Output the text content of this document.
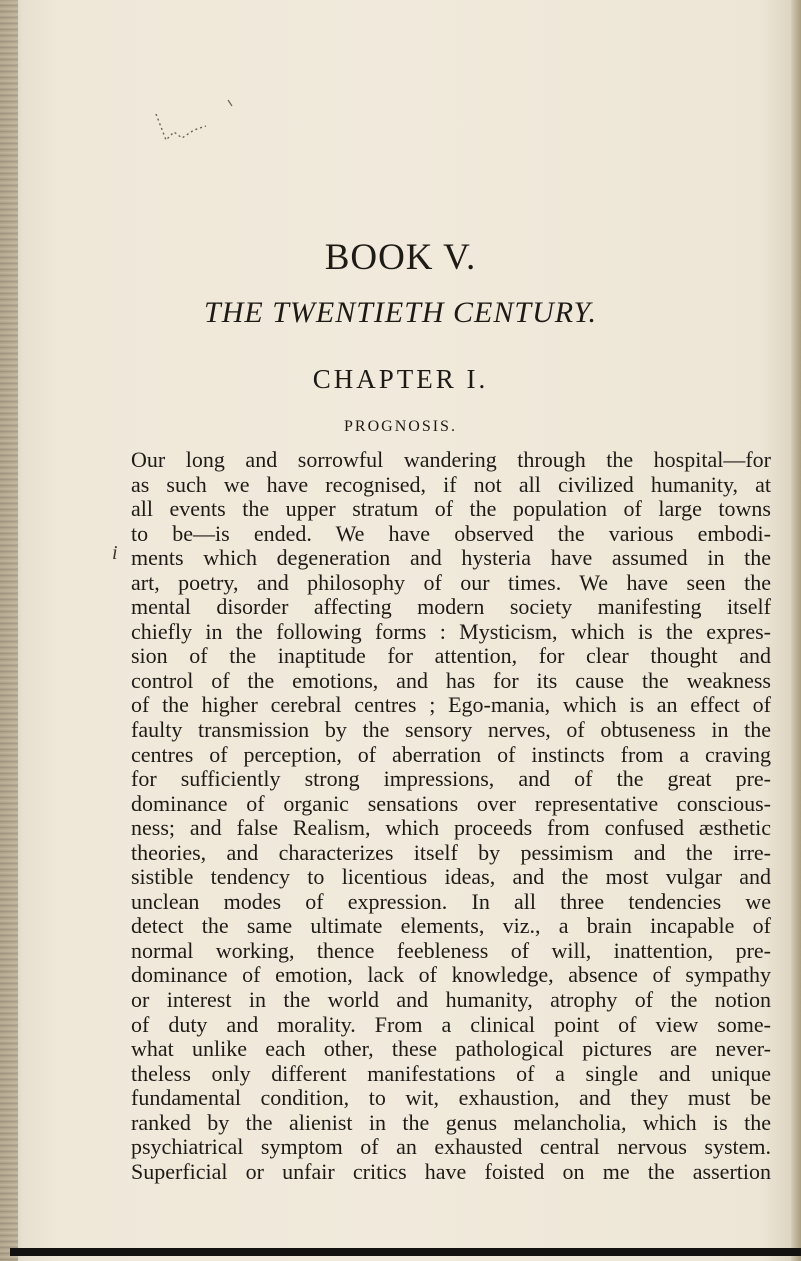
BOOK V.
THE TWENTIETH CENTURY.
CHAPTER I.

PROGNOSIS.

i
Our long and sorrowful wandering through the hospital—for
as such we have recognised, if not all civilized humanity, at
all events the upper stratum of the population of large towns
to be—is ended. We have observed the various embodi-
ments which degeneration and hysteria have assumed in the
art, poetry, and philosophy of our times. We have seen the
mental disorder affecting modern society manifesting itself
chiefly in the following forms : Mysticism, which is the expres-
sion of the inaptitude for attention, for clear thought and
control of the emotions, and has for its cause the weakness
of the higher cerebral centres ; Ego-mania, which is an effect of
faulty transmission by the sensory nerves, of obtuseness in the
centres of perception, of aberration of instincts from a craving
for sufficiently strong impressions, and of the great pre-
dominance of organic sensations over representative conscious-
ness; and false Realism, which proceeds from confused æsthetic
theories, and characterizes itself by pessimism and the irre-
sistible tendency to licentious ideas, and the most vulgar and
unclean modes of expression. In all three tendencies we
detect the same ultimate elements, viz., a brain incapable of
normal working, thence feebleness of will, inattention, pre-
dominance of emotion, lack of knowledge, absence of sympathy
or interest in the world and humanity, atrophy of the notion
of duty and morality. From a clinical point of view some-
what unlike each other, these pathological pictures are never-
theless only different manifestations of a single and unique
fundamental condition, to wit, exhaustion, and they must be
ranked by the alienist in the genus melancholia, which is the
psychiatrical symptom of an exhausted central nervous system.
Superficial or unfair critics have foisted on me the assertion
